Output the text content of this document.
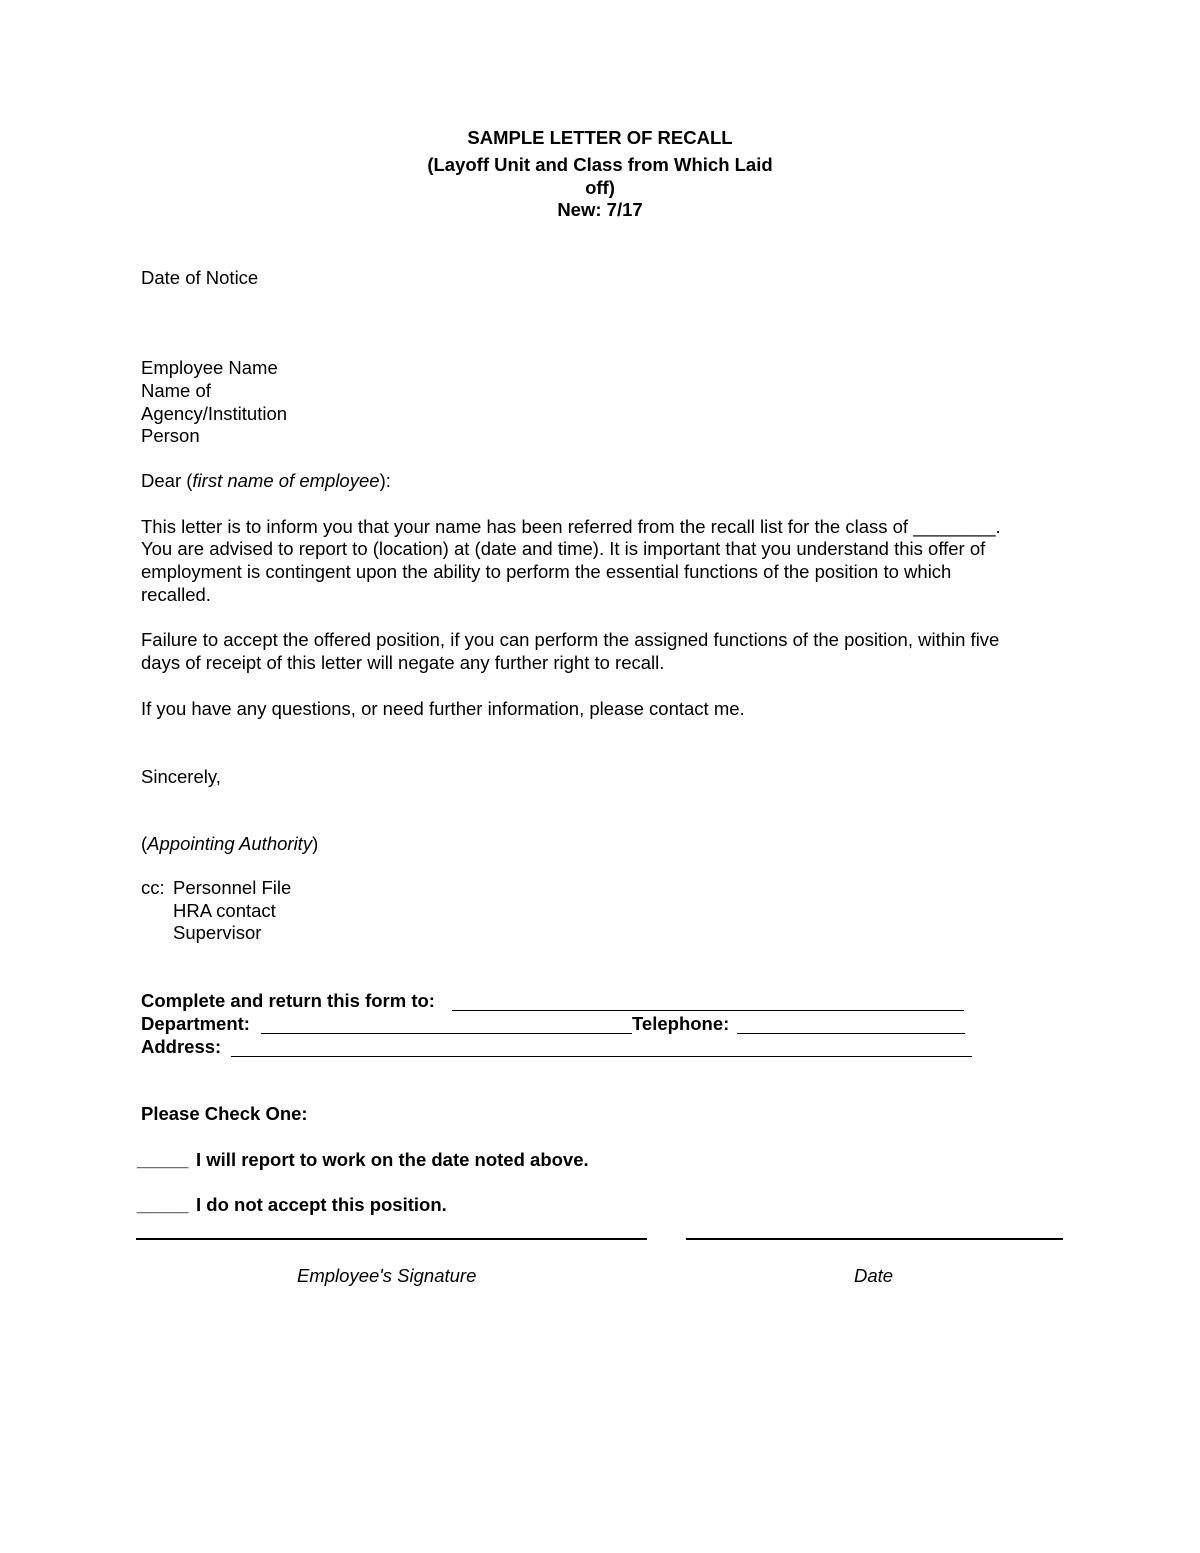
SAMPLE LETTER OF RECALL
(Layoff Unit and Class from Which Laid
off)
New: 7/17
Date of Notice
Employee Name
Name of
Agency/Institution
Person
Dear (first name of employee):
This letter is to inform you that your name has been referred from the recall list for the class of ________.
You are advised to report to (location) at (date and time). It is important that you understand this offer of
employment is contingent upon the ability to perform the essential functions of the position to which
recalled.
Failure to accept the offered position, if you can perform the assigned functions of the position, within five
days of receipt of this letter will negate any further right to recall.
If you have any questions, or need further information, please contact me.
Sincerely,
(Appointing Authority)
cc: Personnel File
HRA contact
Supervisor
Complete and return this form to:
Department:	Telephone:
Address:
Please Check One:
_____ I will report to work on the date noted above.
_____ I do not accept this position.
Employee's Signature	Date
